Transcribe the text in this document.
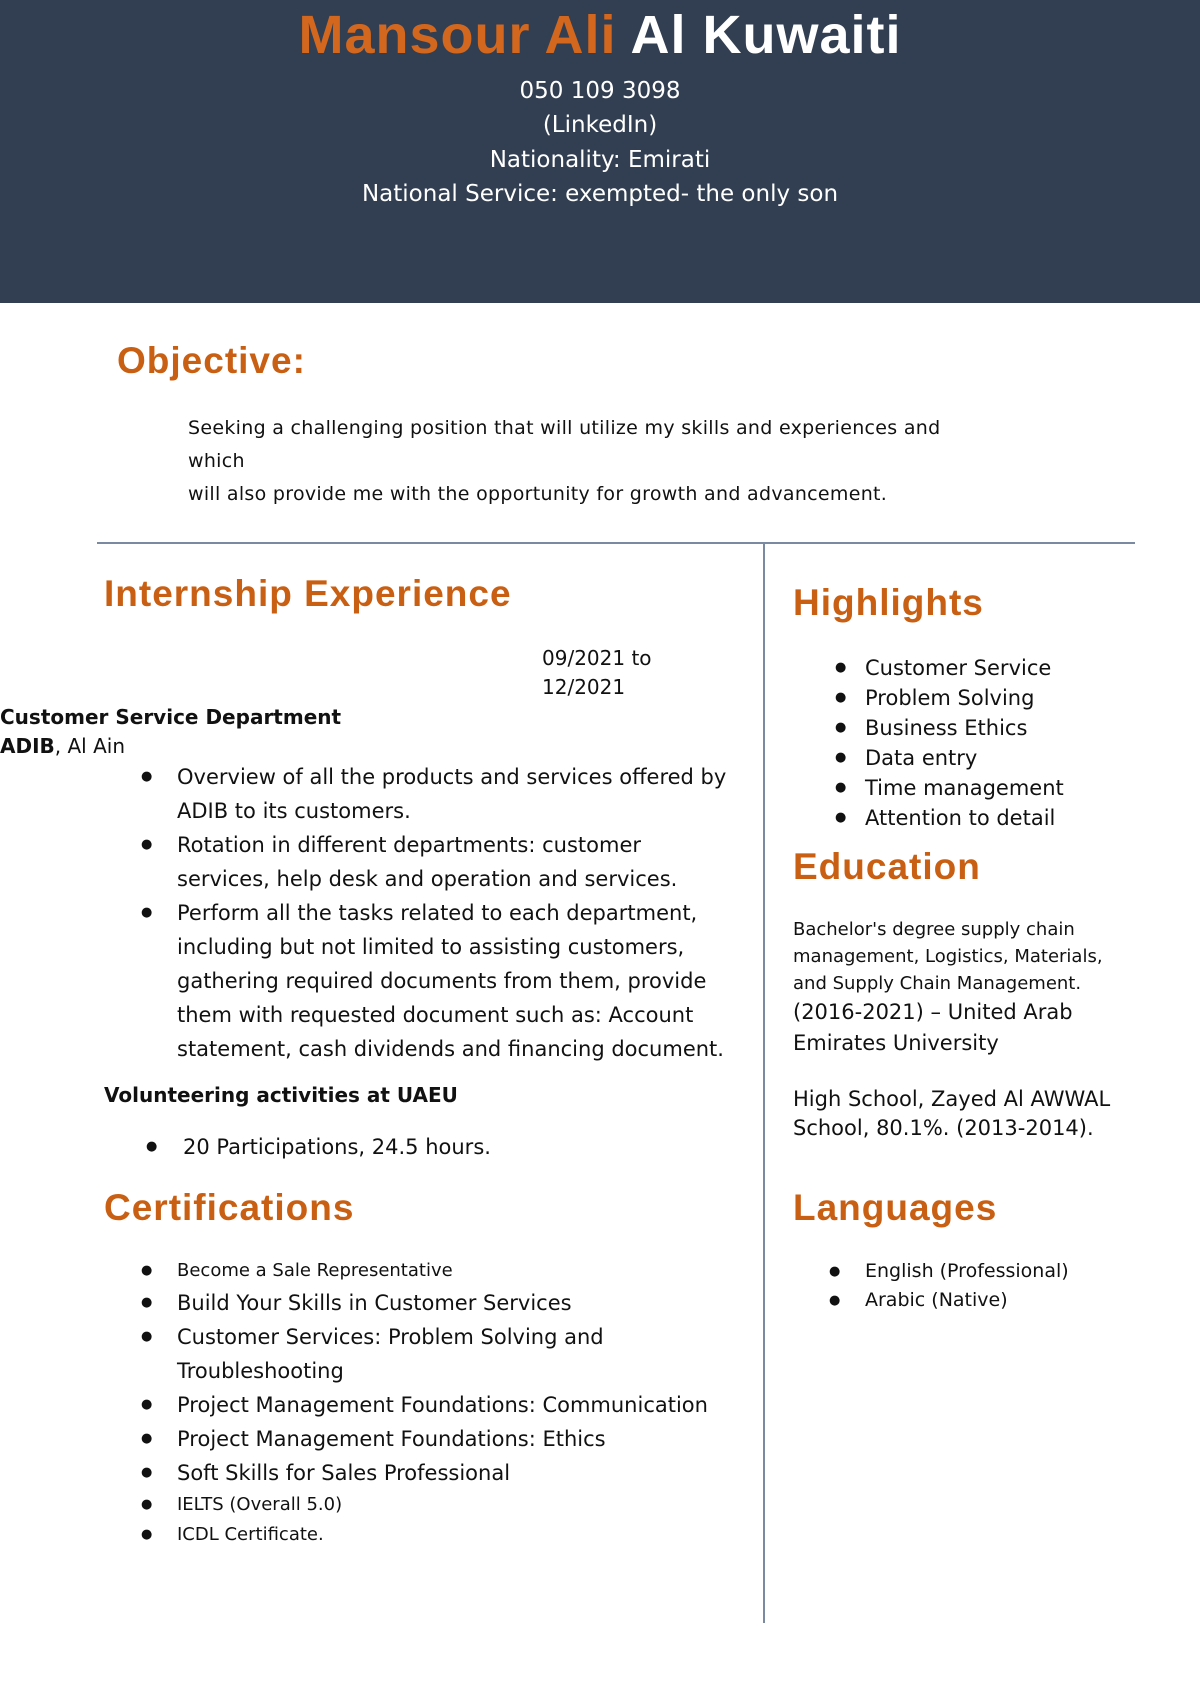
Mansour Ali Al Kuwaiti
050 109 3098
(LinkedIn)
Nationality: Emirati
National Service: exempted- the only son
Objective:
Seeking a challenging position that will utilize my skills and experiences and which
will also provide me with the opportunity for growth and advancement.
Internship Experience
09/2021 to
12/2021
Customer Service Department ADIB, Al Ain
● Overview of all the products and services offered by ADIB to its customers.
● Rotation in different departments: customer services, help desk and operation and services.
● Perform all the tasks related to each department, including but not limited to assisting customers, gathering required documents from them, provide them with requested document such as: Account statement, cash dividends and financing document.
Volunteering activities at UAEU
● 20 Participations, 24.5 hours.
Certifications
● Become a Sale Representative
● Build Your Skills in Customer Services
● Customer Services: Problem Solving and Troubleshooting
● Project Management Foundations: Communication
● Project Management Foundations: Ethics
● Soft Skills for Sales Professional
● IELTS (Overall 5.0)
● ICDL Certificate.
Highlights
● Customer Service
● Problem Solving
● Business Ethics
● Data entry
● Time management
● Attention to detail
Education
Bachelor's degree supply chain management, Logistics, Materials, and Supply Chain Management. (2016-2021) – United Arab Emirates University
High School, Zayed Al AWWAL School, 80.1%. (2013-2014).
Languages
● English (Professional)
● Arabic (Native)
